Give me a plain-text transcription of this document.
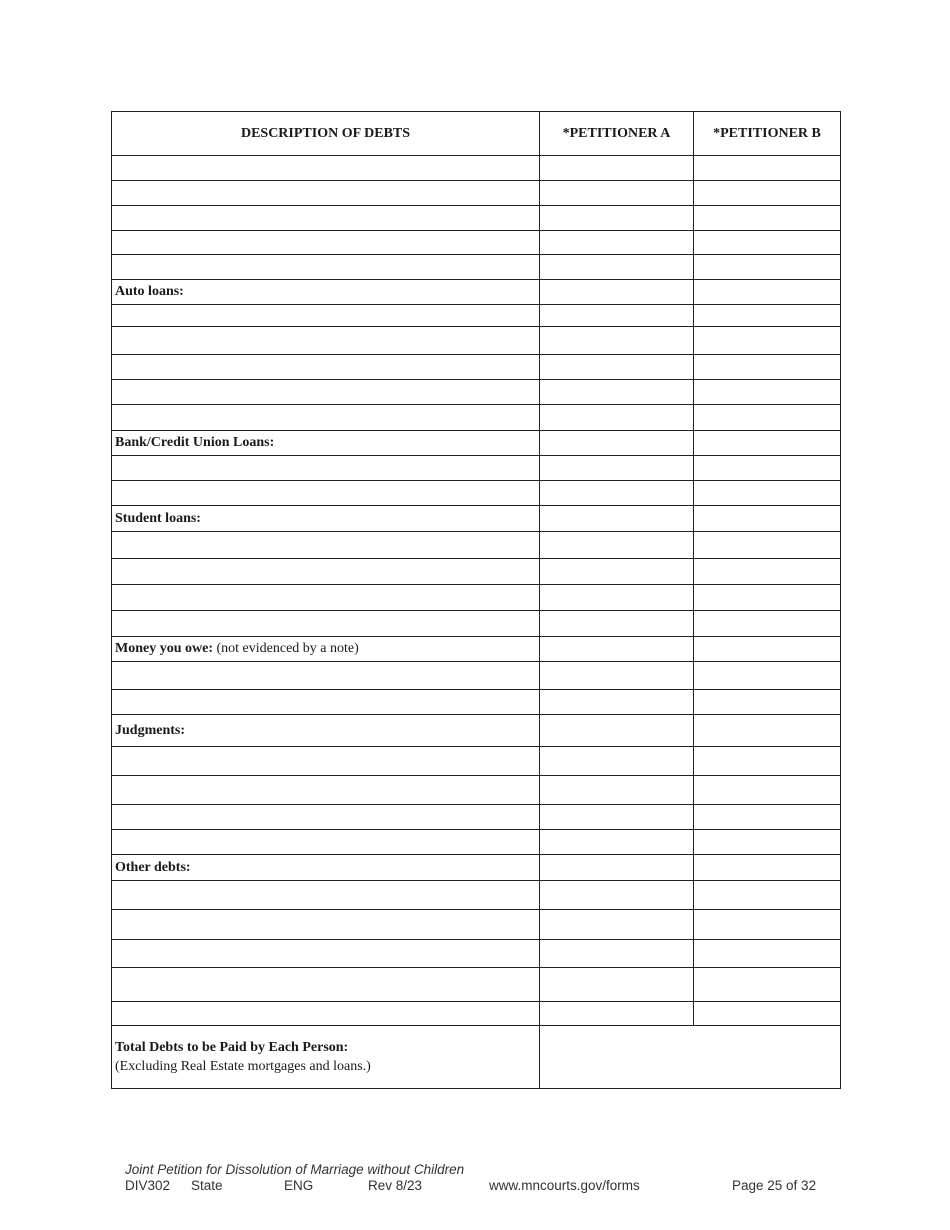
DESCRIPTION OF DEBTS	*PETITIONER A	*PETITIONER B

Auto loans:		

Bank/Credit Union Loans:		

Student loans:		

Money you owe: (not evidenced by a note)		

Judgments:		

Other debts:		

Total Debts to be Paid by Each Person:
(Excluding Real Estate mortgages and loans.)		

Joint Petition for Dissolution of Marriage without Children
DIV302 State	ENG	Rev 8/23	www.mncourts.gov/forms	Page 25 of 32
